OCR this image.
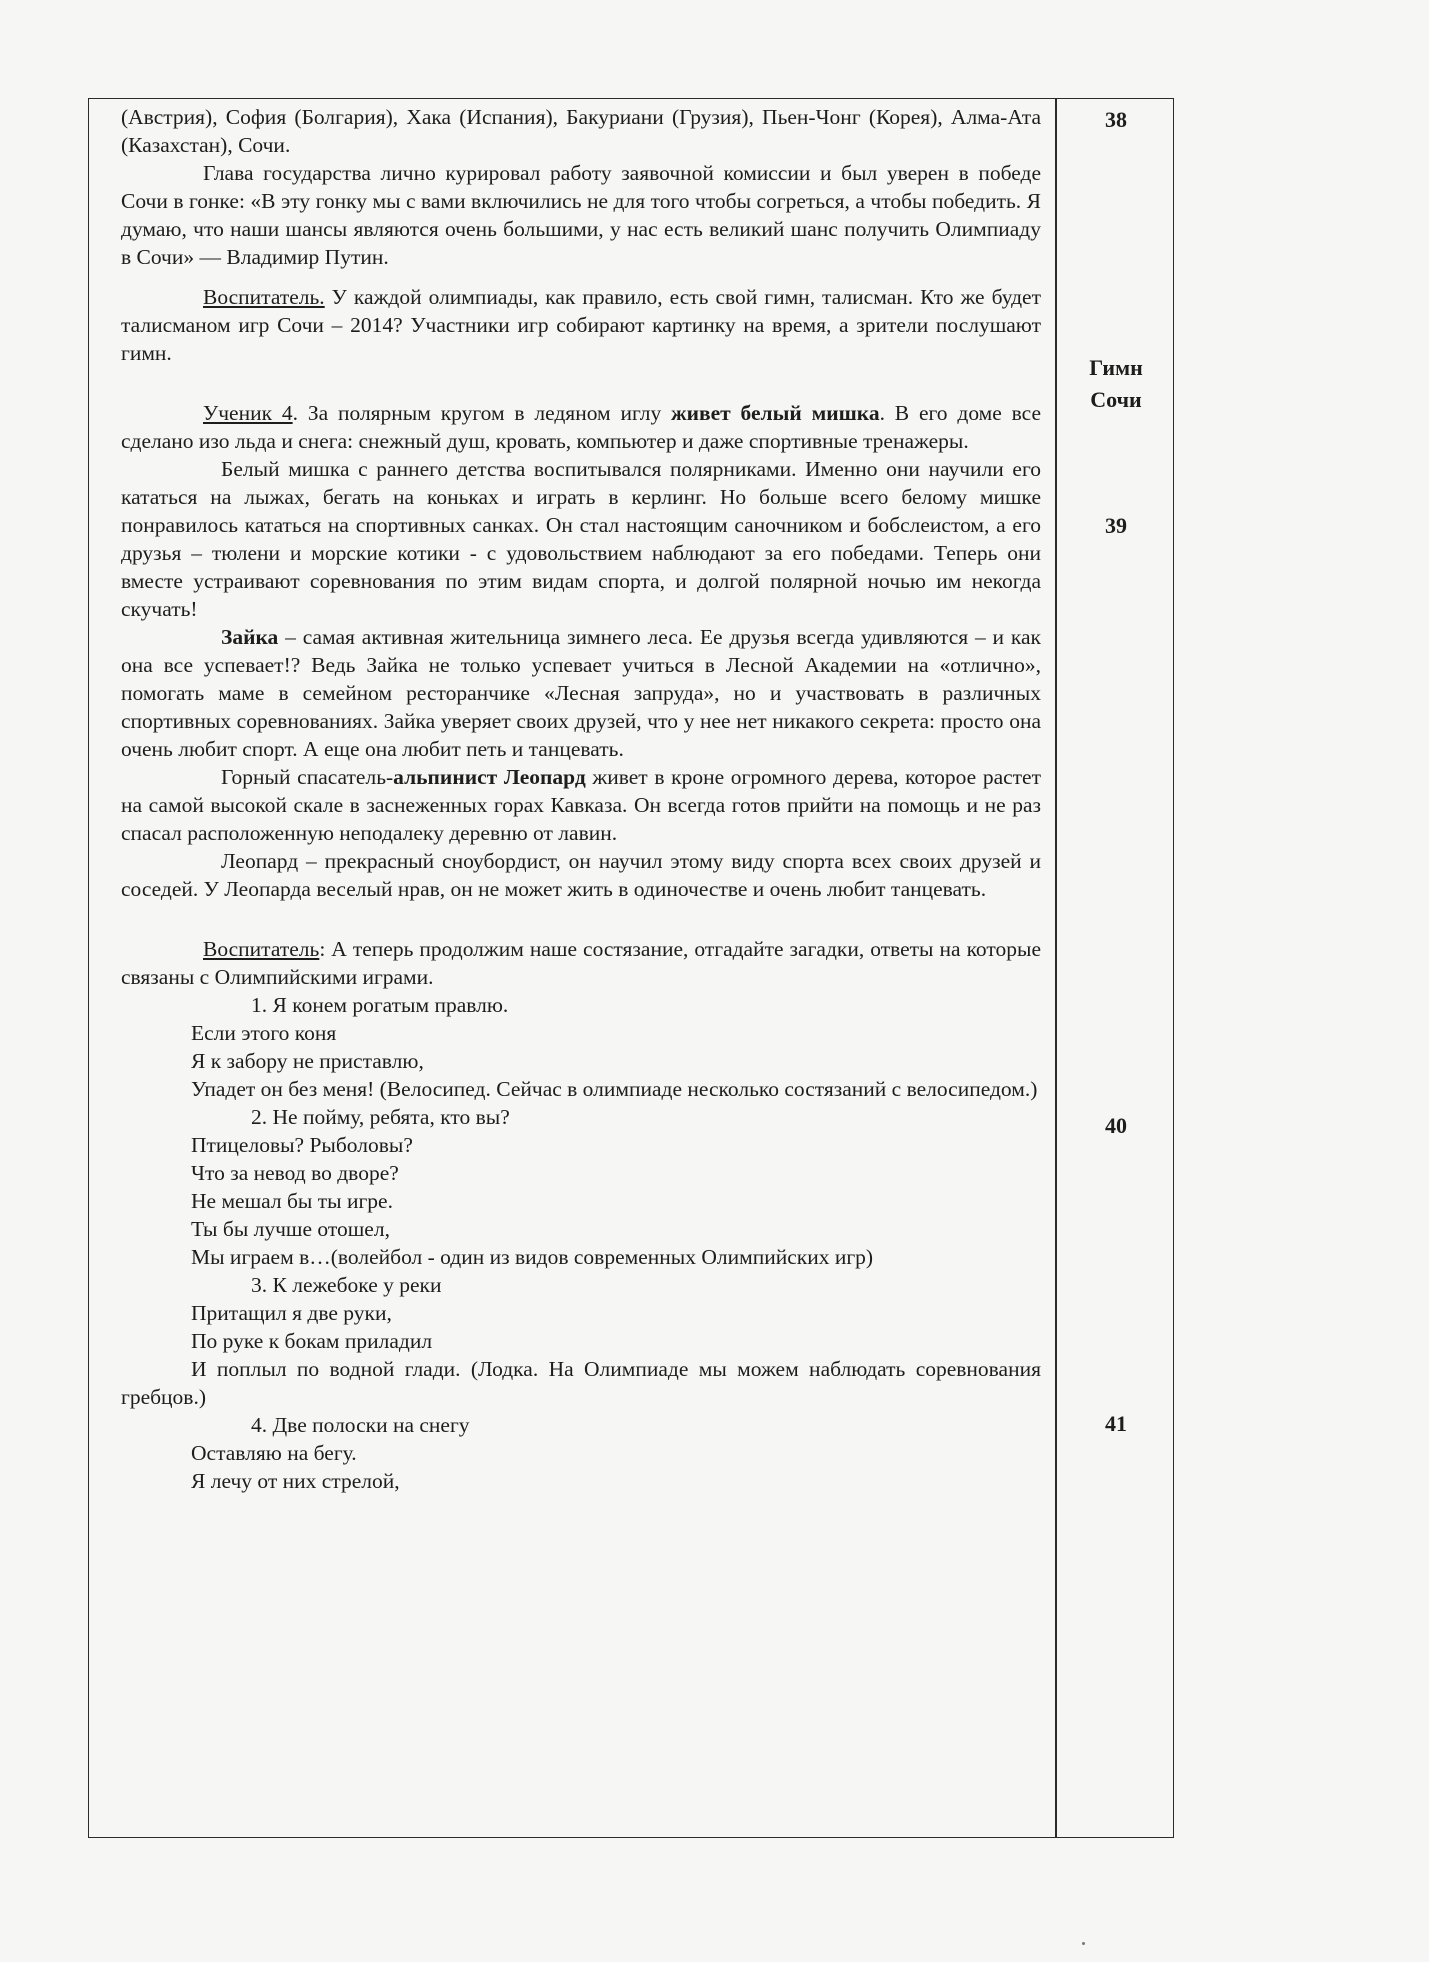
(Австрия), София (Болгария), Хака (Испания), Бакуриани (Грузия), Пьен-Чонг (Корея), Алма-Ата (Казахстан), Сочи.

Глава государства лично курировал работу заявочной комиссии и был уверен в победе Сочи в гонке: «В эту гонку мы с вами включились не для того чтобы согреться, а чтобы победить. Я думаю, что наши шансы являются очень большими, у нас есть великий шанс получить Олимпиаду в Сочи» — Владимир Путин.

Воспитатель. У каждой олимпиады, как правило, есть свой гимн, талисман. Кто же будет талисманом игр Сочи – 2014? Участники игр собирают картинку на время, а зрители послушают гимн.

Ученик 4. За полярным кругом в ледяном иглу живет белый мишка. В его доме все сделано изо льда и снега: снежный душ, кровать, компьютер и даже спортивные тренажеры.

Белый мишка с раннего детства воспитывался полярниками. Именно они научили его кататься на лыжах, бегать на коньках и играть в керлинг. Но больше всего белому мишке понравилось кататься на спортивных санках. Он стал настоящим саночником и бобслеистом, а его друзья – тюлени и морские котики - с удовольствием наблюдают за его победами. Теперь они вместе устраивают соревнования по этим видам спорта, и долгой полярной ночью им некогда скучать!

Зайка – самая активная жительница зимнего леса. Ее друзья всегда удивляются – и как она все успевает!? Ведь Зайка не только успевает учиться в Лесной Академии на «отлично», помогать маме в семейном ресторанчике «Лесная запруда», но и участвовать в различных спортивных соревнованиях. Зайка уверяет своих друзей, что у нее нет никакого секрета: просто она очень любит спорт. А еще она любит петь и танцевать.

Горный спасатель-альпинист Леопард живет в кроне огромного дерева, которое растет на самой высокой скале в заснеженных горах Кавказа. Он всегда готов прийти на помощь и не раз спасал расположенную неподалеку деревню от лавин.

Леопард – прекрасный сноубордист, он научил этому виду спорта всех своих друзей и соседей. У Леопарда веселый нрав, он не может жить в одиночестве и очень любит танцевать.

Воспитатель: А теперь продолжим наше состязание, отгадайте загадки, ответы на которые связаны с Олимпийскими играми.

1. Я конем рогатым правлю.

Если этого коня

Я к забору не приставлю,

Упадет он без меня! (Велосипед. Сейчас в олимпиаде несколько состязаний с велосипедом.)

2. Не пойму, ребята, кто вы?

Птицеловы? Рыболовы?

Что за невод во дворе?

Не мешал бы ты игре.

Ты бы лучше отошел,

Мы играем в…(волейбол - один из видов современных Олимпийских игр)

3. К лежебоке у реки

Притащил я две руки,

По руке к бокам приладил

И поплыл по водной глади. (Лодка. На Олимпиаде мы можем наблюдать соревнования гребцов.)

4. Две полоски на снегу

Оставляю на бегу.

Я лечу от них стрелой,

38
Гимн
Сочи
39
40
41
